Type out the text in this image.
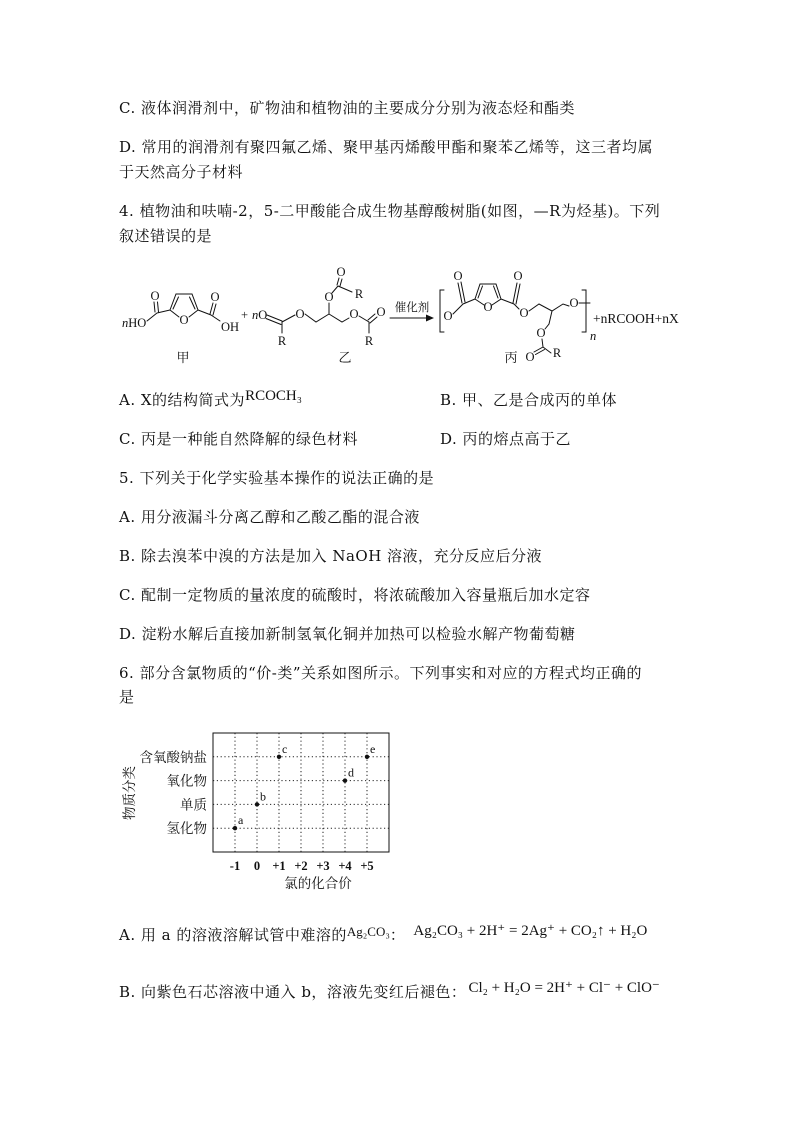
C. 液体润滑剂中，矿物油和植物油的主要成分分别为液态烃和酯类
D. 常用的润滑剂有聚四氟乙烯、聚甲基丙烯酸甲酯和聚苯乙烯等，这三者均属
于天然高分子材料
4. 植物油和呋喃-2，5-二甲酸能合成生物基醇酸树脂(如图，—R为烃基)。下列
叙述错误的是
nHO
O
O
O
OH
甲
+ nO
R
O
O
O
R
O O
R
乙
催化剂
O
O
O
O
O
O
O
O R
n
+nRCOOH+nX
丙
A. X的结构简式为RCOCH₃	B. 甲、乙是合成丙的单体
C. 丙是一种能自然降解的绿色材料	D. 丙的熔点高于乙
5. 下列关于化学实验基本操作的说法正确的是
A. 用分液漏斗分离乙醇和乙酸乙酯的混合液
B. 除去溴苯中溴的方法是加入 NaOH 溶液，充分反应后分液
C. 配制一定物质的量浓度的硫酸时，将浓硫酸加入容量瓶后加水定容
D. 淀粉水解后直接加新制氢氧化铜并加热可以检验水解产物葡萄糖
6. 部分含氯物质的“价-类”关系如图所示。下列事实和对应的方程式均正确的
是
-1 0 +1 +2 +3 +4 +5
氢化物
单质
氧化物
含氧酸钠盐
氯的化合价
物质分类
a
b
c
d
e
A. 用 a 的溶液溶解试管中难溶的Ag₂CO₃： Ag₂CO₃ + 2H⁺ = 2Ag⁺ + CO₂↑ + H₂O
B. 向紫色石芯溶液中通入 b，溶液先变红后褪色： Cl₂ + H₂O = 2H⁺ + Cl⁻ + ClO⁻
